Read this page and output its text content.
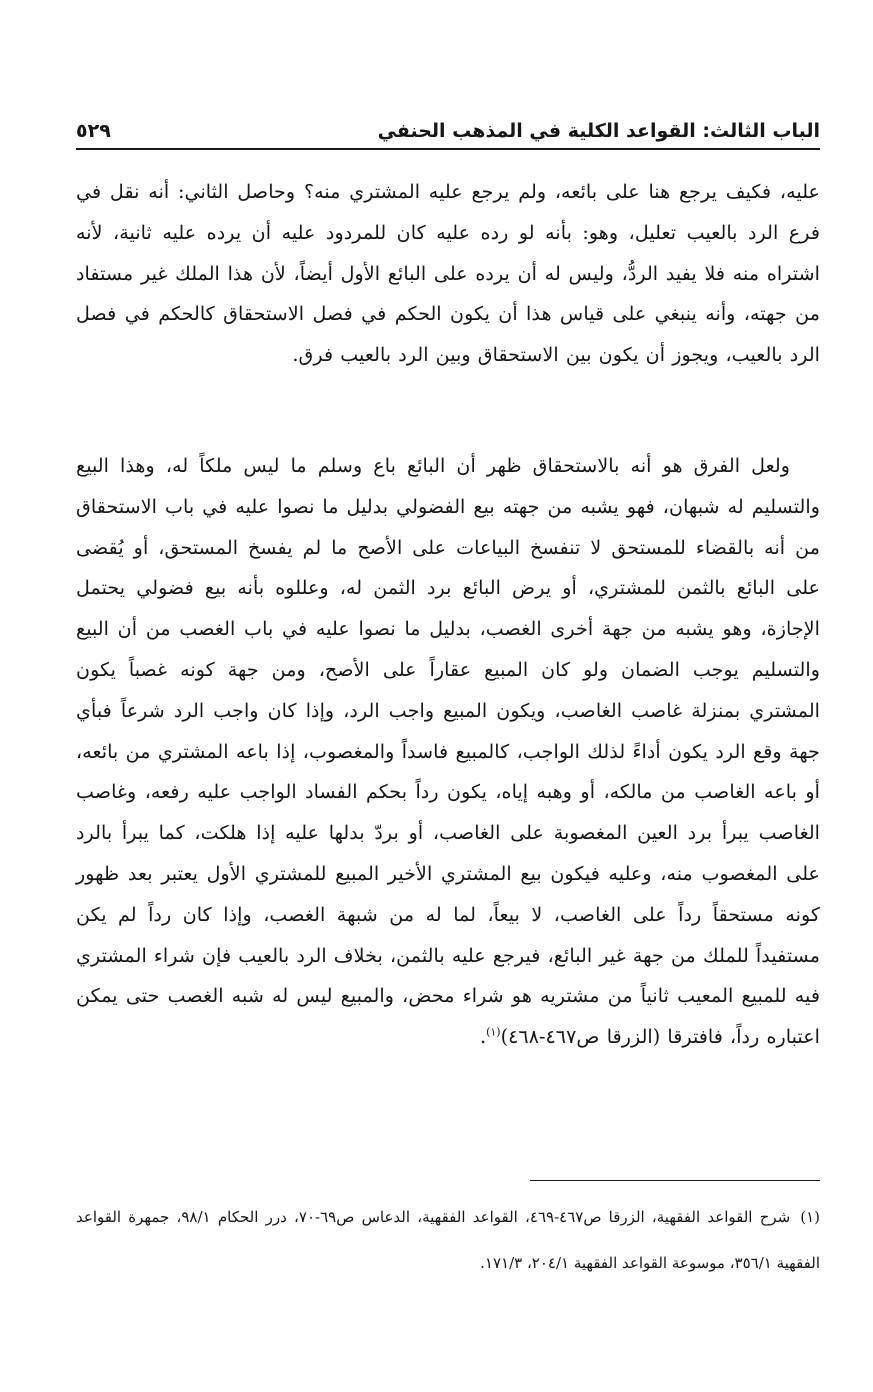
الباب الثالث: القواعد الكلية في المذهب الحنفي
٥٢٩
عليه، فكيف يرجع هنا على بائعه، ولم يرجع عليه المشتري منه؟ وحاصل الثاني: أنه نقل في فرع الرد بالعيب تعليل، وهو: بأنه لو رده عليه كان للمردود عليه أن يرده عليه ثانية، لأنه اشتراه منه فلا يفيد الردُّ، وليس له أن يرده على البائع الأول أيضاً، لأن هذا الملك غير مستفاد من جهته، وأنه ينبغي على قياس هذا أن يكون الحكم في فصل الاستحقاق كالحكم في فصل الرد بالعيب، ويجوز أن يكون بين الاستحقاق وبين الرد بالعيب فرق.
ولعل الفرق هو أنه بالاستحقاق ظهر أن البائع باع وسلم ما ليس ملكاً له، وهذا البيع والتسليم له شبهان، فهو يشبه من جهته بيع الفضولي بدليل ما نصوا عليه في باب الاستحقاق من أنه بالقضاء للمستحق لا تنفسخ البياعات على الأصح ما لم يفسخ المستحق، أو يُقضى على البائع بالثمن للمشتري، أو يرض البائع برد الثمن له، وعللوه بأنه بيع فضولي يحتمل الإجازة، وهو يشبه من جهة أخرى الغصب، بدليل ما نصوا عليه في باب الغصب من أن البيع والتسليم يوجب الضمان ولو كان المبيع عقاراً على الأصح، ومن جهة كونه غصباً يكون المشتري بمنزلة غاصب الغاصب، ويكون المبيع واجب الرد، وإذا كان واجب الرد شرعاً فبأي جهة وقع الرد يكون أداءً لذلك الواجب، كالمبيع فاسداً والمغصوب، إذا باعه المشتري من بائعه، أو باعه الغاصب من مالكه، أو وهبه إياه، يكون رداً بحكم الفساد الواجب عليه رفعه، وغاصب الغاصب يبرأ برد العين المغصوبة على الغاصب، أو بردّ بدلها عليه إذا هلكت، كما يبرأ بالرد على المغصوب منه، وعليه فيكون بيع المشتري الأخير المبيع للمشتري الأول يعتبر بعد ظهور كونه مستحقاً رداً على الغاصب، لا بيعاً، لما له من شبهة الغصب، وإذا كان رداً لم يكن مستفيداً للملك من جهة غير البائع، فيرجع عليه بالثمن، بخلاف الرد بالعيب فإن شراء المشتري فيه للمبيع المعيب ثانياً من مشتريه هو شراء محض، والمبيع ليس له شبه الغصب حتى يمكن اعتباره رداً، فافترقا (الزرقا ص٤٦٧-٤٦٨)$^{(١)}$.
(١)شرح القواعد الفقهية، الزرقا ص٤٦٧-٤٦٩، القواعد الفقهية، الدعاس ص٦٩-٧٠، درر الحكام ٩٨/١، جمهرة القواعد الفقهية ٣٥٦/١، موسوعة القواعد الفقهية ٢٠٤/١، ١٧١/٣.
